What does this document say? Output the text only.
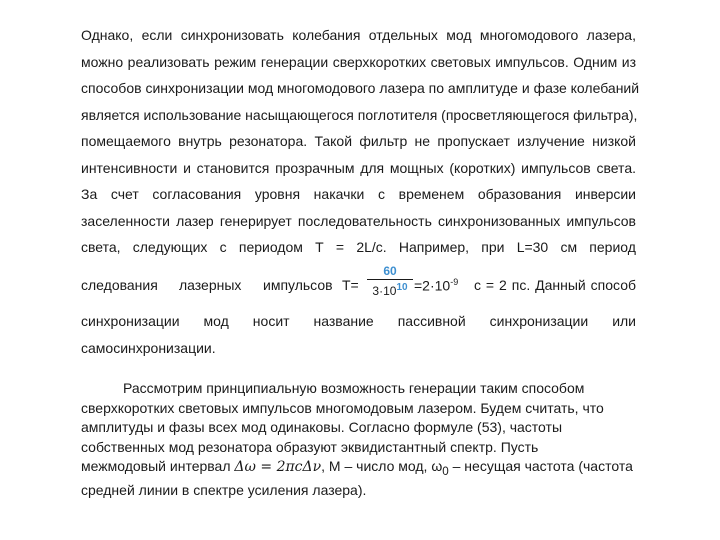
Однако, если синхронизовать колебания отдельных мод многомодового лазера,
можно реализовать режим генерации сверхкоротких световых импульсов. Одним из
способов синхронизации мод многомодового лазера по амплитуде и фазе колебаний
является использование насыщающегося поглотителя (просветляющегося фильтра),
помещаемого внутрь резонатора. Такой фильтр не пропускает излучение низкой
интенсивности и становится прозрачным для мощных (коротких) импульсов света.
За счет согласования уровня накачки с временем образования инверсии
заселенности лазер генерирует последовательность синхронизованных импульсов
света, следующих с периодом T = 2L/c. Например, при L=30 см период
следования лазерных импульсов T=
60
$3\cdot 10^{10} =2\cdot 10^{-9}$ с = 2 пс. Данный способ
синхронизации мод носит название пассивной синхронизации или
самосинхронизации.
Рассмотрим принципиальную возможность генерации таким способом
сверхкоротких световых импульсов многомодовым лазером. Будем считать, что
амплитуды и фазы всех мод одинаковы. Согласно формуле (53), частоты
собственных мод резонатора образуют эквидистантный спектр. Пусть
межмодовый интервал Δω = 2πcΔν, M – число мод, $\omega_0$ – несущая частота (частота
средней линии в спектре усиления лазера).
